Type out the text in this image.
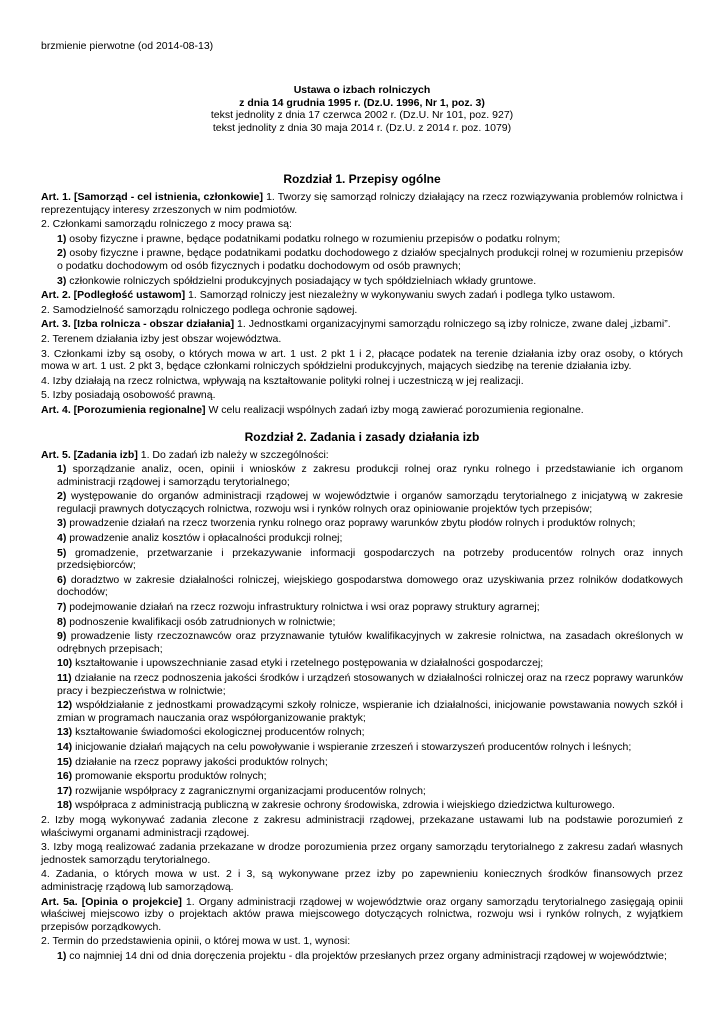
brzmienie pierwotne (od 2014-08-13)
Ustawa o izbach rolniczych
z dnia 14 grudnia 1995 r. (Dz.U. 1996, Nr 1, poz. 3)
tekst jednolity z dnia 17 czerwca 2002 r. (Dz.U. Nr 101, poz. 927)
tekst jednolity z dnia 30 maja 2014 r. (Dz.U. z 2014 r. poz. 1079)
Rozdział 1. Przepisy ogólne

Art. 1. [Samorząd - cel istnienia, członkowie] 1. Tworzy się samorząd rolniczy działający na rzecz rozwiązywania problemów rolnictwa i reprezentujący interesy zrzeszonych w nim podmiotów.

2. Członkami samorządu rolniczego z mocy prawa są:

1) osoby fizyczne i prawne, będące podatnikami podatku rolnego w rozumieniu przepisów o podatku rolnym;

2) osoby fizyczne i prawne, będące podatnikami podatku dochodowego z działów specjalnych produkcji rolnej w rozumieniu przepisów o podatku dochodowym od osób fizycznych i podatku dochodowym od osób prawnych;

3) członkowie rolniczych spółdzielni produkcyjnych posiadający w tych spółdzielniach wkłady gruntowe.

Art. 2. [Podległość ustawom] 1. Samorząd rolniczy jest niezależny w wykonywaniu swych zadań i podlega tylko ustawom.

2. Samodzielność samorządu rolniczego podlega ochronie sądowej.

Art. 3. [Izba rolnicza - obszar działania] 1. Jednostkami organizacyjnymi samorządu rolniczego są izby rolnicze, zwane dalej „izbami”.

2. Terenem działania izby jest obszar województwa.

3. Członkami izby są osoby, o których mowa w art. 1 ust. 2 pkt 1 i 2, płacące podatek na terenie działania izby oraz osoby, o których mowa w art. 1 ust. 2 pkt 3, będące członkami rolniczych spółdzielni produkcyjnych, mających siedzibę na terenie działania izby.

4. Izby działają na rzecz rolnictwa, wpływają na kształtowanie polityki rolnej i uczestniczą w jej realizacji.

5. Izby posiadają osobowość prawną.

Art. 4. [Porozumienia regionalne] W celu realizacji wspólnych zadań izby mogą zawierać porozumienia regionalne.

Rozdział 2. Zadania i zasady działania izb

Art. 5. [Zadania izb] 1. Do zadań izb należy w szczególności:

1) sporządzanie analiz, ocen, opinii i wniosków z zakresu produkcji rolnej oraz rynku rolnego i przedstawianie ich organom administracji rządowej i samorządu terytorialnego;

2) występowanie do organów administracji rządowej w województwie i organów samorządu terytorialnego z inicjatywą w zakresie regulacji prawnych dotyczących rolnictwa, rozwoju wsi i rynków rolnych oraz opiniowanie projektów tych przepisów;

3) prowadzenie działań na rzecz tworzenia rynku rolnego oraz poprawy warunków zbytu płodów rolnych i produktów rolnych;

4) prowadzenie analiz kosztów i opłacalności produkcji rolnej;

5) gromadzenie, przetwarzanie i przekazywanie informacji gospodarczych na potrzeby producentów rolnych oraz innych przedsiębiorców;

6) doradztwo w zakresie działalności rolniczej, wiejskiego gospodarstwa domowego oraz uzyskiwania przez rolników dodatkowych dochodów;

7) podejmowanie działań na rzecz rozwoju infrastruktury rolnictwa i wsi oraz poprawy struktury agrarnej;

8) podnoszenie kwalifikacji osób zatrudnionych w rolnictwie;

9) prowadzenie listy rzeczoznawców oraz przyznawanie tytułów kwalifikacyjnych w zakresie rolnictwa, na zasadach określonych w odrębnych przepisach;

10) kształtowanie i upowszechnianie zasad etyki i rzetelnego postępowania w działalności gospodarczej;

11) działanie na rzecz podnoszenia jakości środków i urządzeń stosowanych w działalności rolniczej oraz na rzecz poprawy warunków pracy i bezpieczeństwa w rolnictwie;

12) współdziałanie z jednostkami prowadzącymi szkoły rolnicze, wspieranie ich działalności, inicjowanie powstawania nowych szkół i zmian w programach nauczania oraz współorganizowanie praktyk;

13) kształtowanie świadomości ekologicznej producentów rolnych;

14) inicjowanie działań mających na celu powoływanie i wspieranie zrzeszeń i stowarzyszeń producentów rolnych i leśnych;

15) działanie na rzecz poprawy jakości produktów rolnych;

16) promowanie eksportu produktów rolnych;

17) rozwijanie współpracy z zagranicznymi organizacjami producentów rolnych;

18) współpraca z administracją publiczną w zakresie ochrony środowiska, zdrowia i wiejskiego dziedzictwa kulturowego.

2. Izby mogą wykonywać zadania zlecone z zakresu administracji rządowej, przekazane ustawami lub na podstawie porozumień z właściwymi organami administracji rządowej.

3. Izby mogą realizować zadania przekazane w drodze porozumienia przez organy samorządu terytorialnego z zakresu zadań własnych jednostek samorządu terytorialnego.

4. Zadania, o których mowa w ust. 2 i 3, są wykonywane przez izby po zapewnieniu koniecznych środków finansowych przez administrację rządową lub samorządową.

Art. 5a. [Opinia o projekcie] 1. Organy administracji rządowej w województwie oraz organy samorządu terytorialnego zasięgają opinii właściwej miejscowo izby o projektach aktów prawa miejscowego dotyczących rolnictwa, rozwoju wsi i rynków rolnych, z wyjątkiem przepisów porządkowych.

2. Termin do przedstawienia opinii, o której mowa w ust. 1, wynosi:

1) co najmniej 14 dni od dnia doręczenia projektu - dla projektów przesłanych przez organy administracji rządowej w województwie;
